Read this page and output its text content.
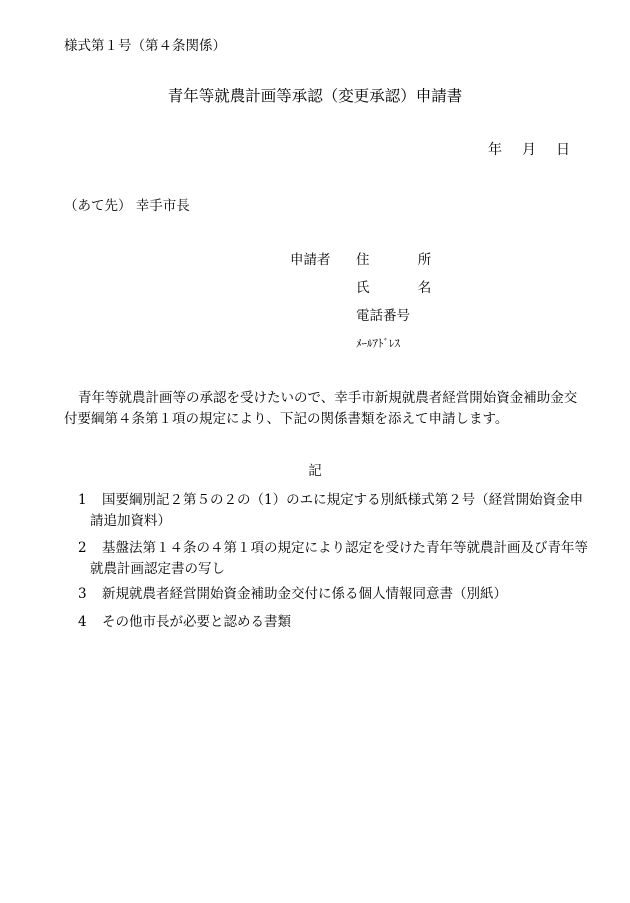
様式第１号（第４条関係）
青年等就農計画等承認（変更承認）申請書
年 月 日
（あて先） 幸手市長
申請者 住 所
氏 名
電話番号
ﾒｰﾙｱﾄﾞﾚｽ
青年等就農計画等の承認を受けたいので、幸手市新規就農者経営開始資金補助金交付要綱第４条第１項の規定により、下記の関係書類を添えて申請します。
記
1 国要綱別記２第５の２の（1）のエに規定する別紙様式第２号（経営開始資金申請追加資料）
2 基盤法第１４条の４第１項の規定により認定を受けた青年等就農計画及び青年等就農計画認定書の写し
3 新規就農者経営開始資金補助金交付に係る個人情報同意書（別紙）
4 その他市長が必要と認める書類
